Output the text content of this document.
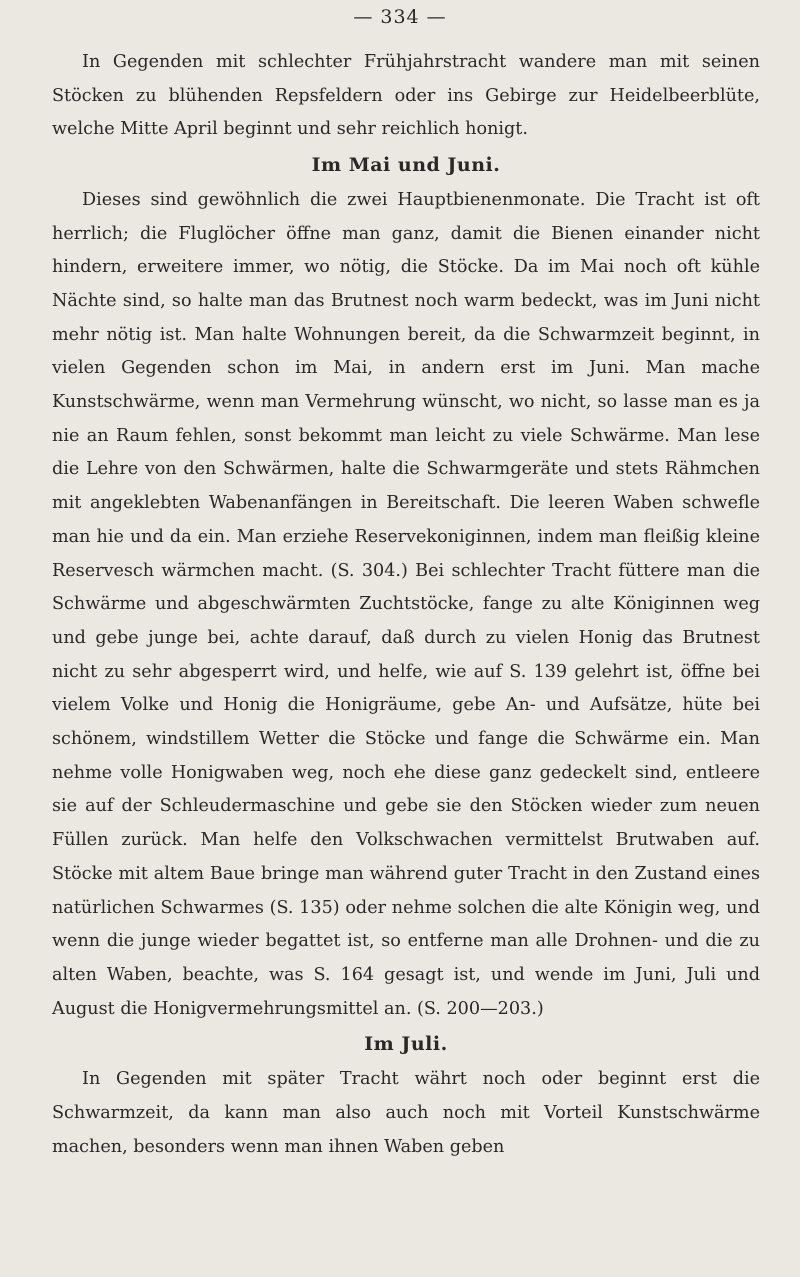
— 334 —

In Gegenden mit schlechter Frühjahrstracht wandere man mit seinen Stöcken zu blühenden Repsfeldern oder ins Gebirge zur Heidelbeerblüte, welche Mitte April beginnt und sehr reichlich honigt.

Im Mai und Juni.

Dieses sind gewöhnlich die zwei Hauptbienenmonate. Die Tracht ist oft herrlich; die Fluglöcher öffne man ganz, damit die Bienen einander nicht hindern, erweitere immer, wo nötig, die Stöcke. Da im Mai noch oft kühle Nächte sind, so halte man das Brutnest noch warm bedeckt, was im Juni nicht mehr nötig ist. Man halte Wohnungen bereit, da die Schwarmzeit beginnt, in vielen Gegenden schon im Mai, in andern erst im Juni. Man mache Kunstschwärme, wenn man Vermehrung wünscht, wo nicht, so lasse man es ja nie an Raum fehlen, sonst bekommt man leicht zu viele Schwärme. Man lese die Lehre von den Schwärmen, halte die Schwarmgeräte und stets Rähmchen mit angeklebten Wabenanfängen in Bereitschaft. Die leeren Waben schwefle man hie und da ein. Man erziehe Reservekoniginnen, indem man fleißig kleine Reservesch wärmchen macht. (S. 304.) Bei schlechter Tracht füttere man die Schwärme und abgeschwärmten Zuchtstöcke, fange zu alte Königinnen weg und gebe junge bei, achte darauf, daß durch zu vielen Honig das Brutnest nicht zu sehr abgesperrt wird, und helfe, wie auf S. 139 gelehrt ist, öffne bei vielem Volke und Honig die Honigräume, gebe An- und Aufsätze, hüte bei schönem, windstillem Wetter die Stöcke und fange die Schwärme ein. Man nehme volle Honigwaben weg, noch ehe diese ganz gedeckelt sind, entleere sie auf der Schleudermaschine und gebe sie den Stöcken wieder zum neuen Füllen zurück. Man helfe den Volkschwachen vermittelst Brutwaben auf. Stöcke mit altem Baue bringe man während guter Tracht in den Zustand eines natürlichen Schwarmes (S. 135) oder nehme solchen die alte Königin weg, und wenn die junge wieder begattet ist, so entferne man alle Drohnen- und die zu alten Waben, beachte, was S. 164 gesagt ist, und wende im Juni, Juli und August die Honigvermehrungsmittel an. (S. 200—203.)

Im Juli.

In Gegenden mit später Tracht währt noch oder beginnt erst die Schwarmzeit, da kann man also auch noch mit Vorteil Kunstschwärme machen, besonders wenn man ihnen Waben geben
